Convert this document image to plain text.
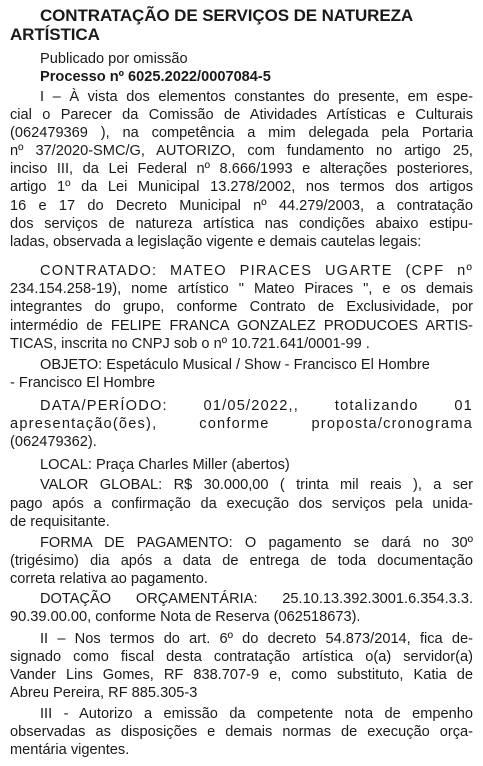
CONTRATAÇÃO DE SERVIÇOS DE NATUREZA
ARTÍSTICA
Publicado por omissão
Processo nº 6025.2022/0007084-5
I – À vista dos elementos constantes do presente, em espe-
cial o Parecer da Comissão de Atividades Artísticas e Culturais
(062479369 ), na competência a mim delegada pela Portaria
nº 37/2020-SMC/G, AUTORIZO, com fundamento no artigo 25,
inciso III, da Lei Federal nº 8.666/1993 e alterações posteriores,
artigo 1º da Lei Municipal 13.278/2002, nos termos dos artigos
16 e 17 do Decreto Municipal nº 44.279/2003, a contratação
dos serviços de natureza artística nas condições abaixo estipu-
ladas, observada a legislação vigente e demais cautelas legais:
CONTRATADO: MATEO PIRACES UGARTE (CPF nº
234.154.258-19), nome artístico " Mateo Piraces ", e os demais
integrantes do grupo, conforme Contrato de Exclusividade, por
intermédio de FELIPE FRANCA GONZALEZ PRODUCOES ARTIS-
TICAS, inscrita no CNPJ sob o nº 10.721.641/0001-99 .
OBJETO: Espetáculo Musical / Show - Francisco El Hombre
- Francisco El Hombre
DATA/PERÍODO: 01/05/2022,, totalizando 01
apresentação(ões), conforme proposta/cronograma
(062479362).
LOCAL: Praça Charles Miller (abertos)
VALOR GLOBAL: R$ 30.000,00 ( trinta mil reais ), a ser
pago após a confirmação da execução dos serviços pela unida-
de requisitante.
FORMA DE PAGAMENTO: O pagamento se dará no 30º
(trigésimo) dia após a data de entrega de toda documentação
correta relativa ao pagamento.
DOTAÇÃO ORÇAMENTÁRIA: 25.10.13.392.3001.6.354.3.3.
90.39.00.00, conforme Nota de Reserva (062518673).
II – Nos termos do art. 6º do decreto 54.873/2014, fica de-
signado como fiscal desta contratação artística o(a) servidor(a)
Vander Lins Gomes, RF 838.707-9 e, como substituto, Katia de
Abreu Pereira, RF 885.305-3
III - Autorizo a emissão da competente nota de empenho
observadas as disposições e demais normas de execução orça-
mentária vigentes.
